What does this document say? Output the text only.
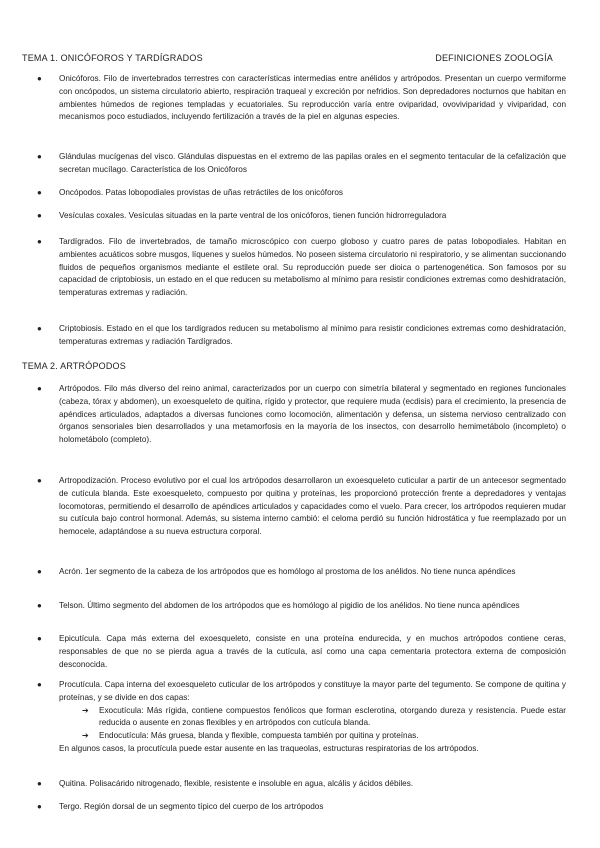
TEMA 1. ONICÓFOROS Y TARDÍGRADOS	DEFINICIONES ZOOLOGÍA
● Onicóforos. Filo de invertebrados terrestres con características intermedias entre anélidos y artrópodos. Presentan un cuerpo vermiforme con oncópodos, un sistema circulatorio abierto, respiración traqueal y excreción por nefridios. Son depredadores nocturnos que habitan en ambientes húmedos de regiones templadas y ecuatoriales. Su reproducción varía entre oviparidad, ovoviviparidad y viviparidad, con mecanismos poco estudiados, incluyendo fertilización a través de la piel en algunas especies.
● Glándulas mucígenas del visco. Glándulas dispuestas en el extremo de las papilas orales en el segmento tentacular de la cefalización que secretan mucílago. Característica de los Onicóforos
● Oncópodos. Patas lobopodiales provistas de uñas retráctiles de los onicóforos
● Vesículas coxales. Vesículas situadas en la parte ventral de los onicóforos, tienen función hidrorreguladora
● Tardígrados. Filo de invertebrados, de tamaño microscópico con cuerpo globoso y cuatro pares de patas lobopodiales. Habitan en ambientes acuáticos sobre musgos, líquenes y suelos húmedos. No poseen sistema circulatorio ni respiratorio, y se alimentan succionando fluidos de pequeños organismos mediante el estilete oral. Su reproducción puede ser dioica o partenogenética. Son famosos por su capacidad de criptobiosis, un estado en el que reducen su metabolismo al mínimo para resistir condiciones extremas como deshidratación, temperaturas extremas y radiación.
● Criptobiosis. Estado en el que los tardígrados reducen su metabolismo al mínimo para resistir condiciones extremas como deshidratación, temperaturas extremas y radiación Tardígrados.
TEMA 2. ARTRÓPODOS
● Artrópodos. Filo más diverso del reino animal, caracterizados por un cuerpo con simetría bilateral y segmentado en regiones funcionales (cabeza, tórax y abdomen), un exoesqueleto de quitina, rígido y protector, que requiere muda (ecdisis) para el crecimiento, la presencia de apéndices articulados, adaptados a diversas funciones como locomoción, alimentación y defensa, un sistema nervioso centralizado con órganos sensoriales bien desarrollados y una metamorfosis en la mayoría de los insectos, con desarrollo hemimetábolo (incompleto) o holometábolo (completo).
● Artropodización. Proceso evolutivo por el cual los artrópodos desarrollaron un exoesqueleto cuticular a partir de un antecesor segmentado de cutícula blanda. Este exoesqueleto, compuesto por quitina y proteínas, les proporcionó protección frente a depredadores y ventajas locomotoras, permitiendo el desarrollo de apéndices articulados y capacidades como el vuelo. Para crecer, los artrópodos requieren mudar su cutícula bajo control hormonal. Además, su sistema interno cambió: el celoma perdió su función hidrostática y fue reemplazado por un hemocele, adaptándose a su nueva estructura corporal.
● Acrón. 1er segmento de la cabeza de los artrópodos que es homólogo al prostoma de los anélidos. No tiene nunca apéndices
● Telson. Último segmento del abdomen de los artrópodos que es homólogo al pigidio de los anélidos. No tiene nunca apéndices
● Epicutícula. Capa más externa del exoesqueleto, consiste en una proteína endurecida, y en muchos artrópodos contiene ceras, responsables de que no se pierda agua a través de la cutícula, así como una capa cementaria protectora externa de composición desconocida.
● Procutícula. Capa interna del exoesqueleto cuticular de los artrópodos y constituye la mayor parte del tegumento. Se compone de quitina y proteínas, y se divide en dos capas:
➔ Exocutícula: Más rígida, contiene compuestos fenólicos que forman esclerotina, otorgando dureza y resistencia. Puede estar reducida o ausente en zonas flexibles y en artrópodos con cutícula blanda.
➔ Endocutícula: Más gruesa, blanda y flexible, compuesta también por quitina y proteínas.
En algunos casos, la procutícula puede estar ausente en las traqueolas, estructuras respiratorias de los artrópodos.
● Quitina. Polisacárido nitrogenado, flexible, resistente e insoluble en agua, alcális y ácidos débiles.
● Tergo. Región dorsal de un segmento típico del cuerpo de los artrópodos
